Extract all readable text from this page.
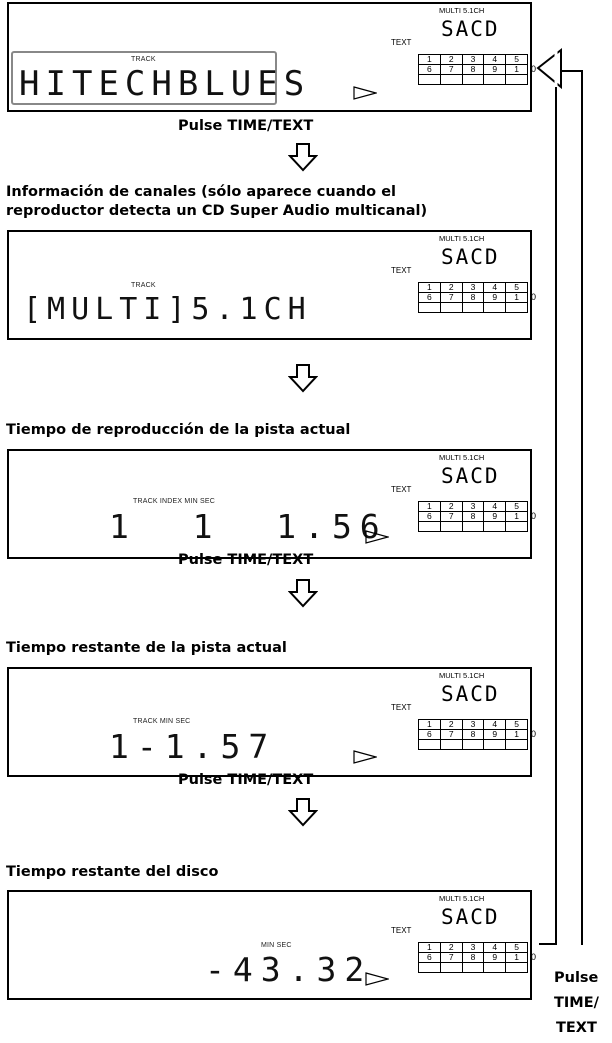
TRACK
HITECHBLUES
TEXT
MULTI 5.1CH
SACD
1	2	3	4	5
6	7	8	9	1
				0
Pulse TIME/TEXT
Información de canales (sólo aparece cuando el
reproductor detecta un CD Super Audio multicanal)
TRACK
[MULTI]5.1CH
TEXT
MULTI 5.1CH
SACD
1	2	3	4	5
6	7	8	9	1
				0
Tiempo de reproducción de la pista actual
TRACK INDEX MIN SEC
1  1  1.56
TEXT
MULTI 5.1CH
SACD
1	2	3	4	5
6	7	8	9	1
				0
Pulse TIME/TEXT
Tiempo restante de la pista actual
TRACK MIN SEC
1-1.57
TEXT
MULTI 5.1CH
SACD
1	2	3	4	5
6	7	8	9	1
				0
Pulse TIME/TEXT
Tiempo restante del disco
MIN SEC
-43.32
TEXT
MULTI 5.1CH
SACD
1	2	3	4	5
6	7	8	9	1
				0
Pulse
TIME/
TEXT
